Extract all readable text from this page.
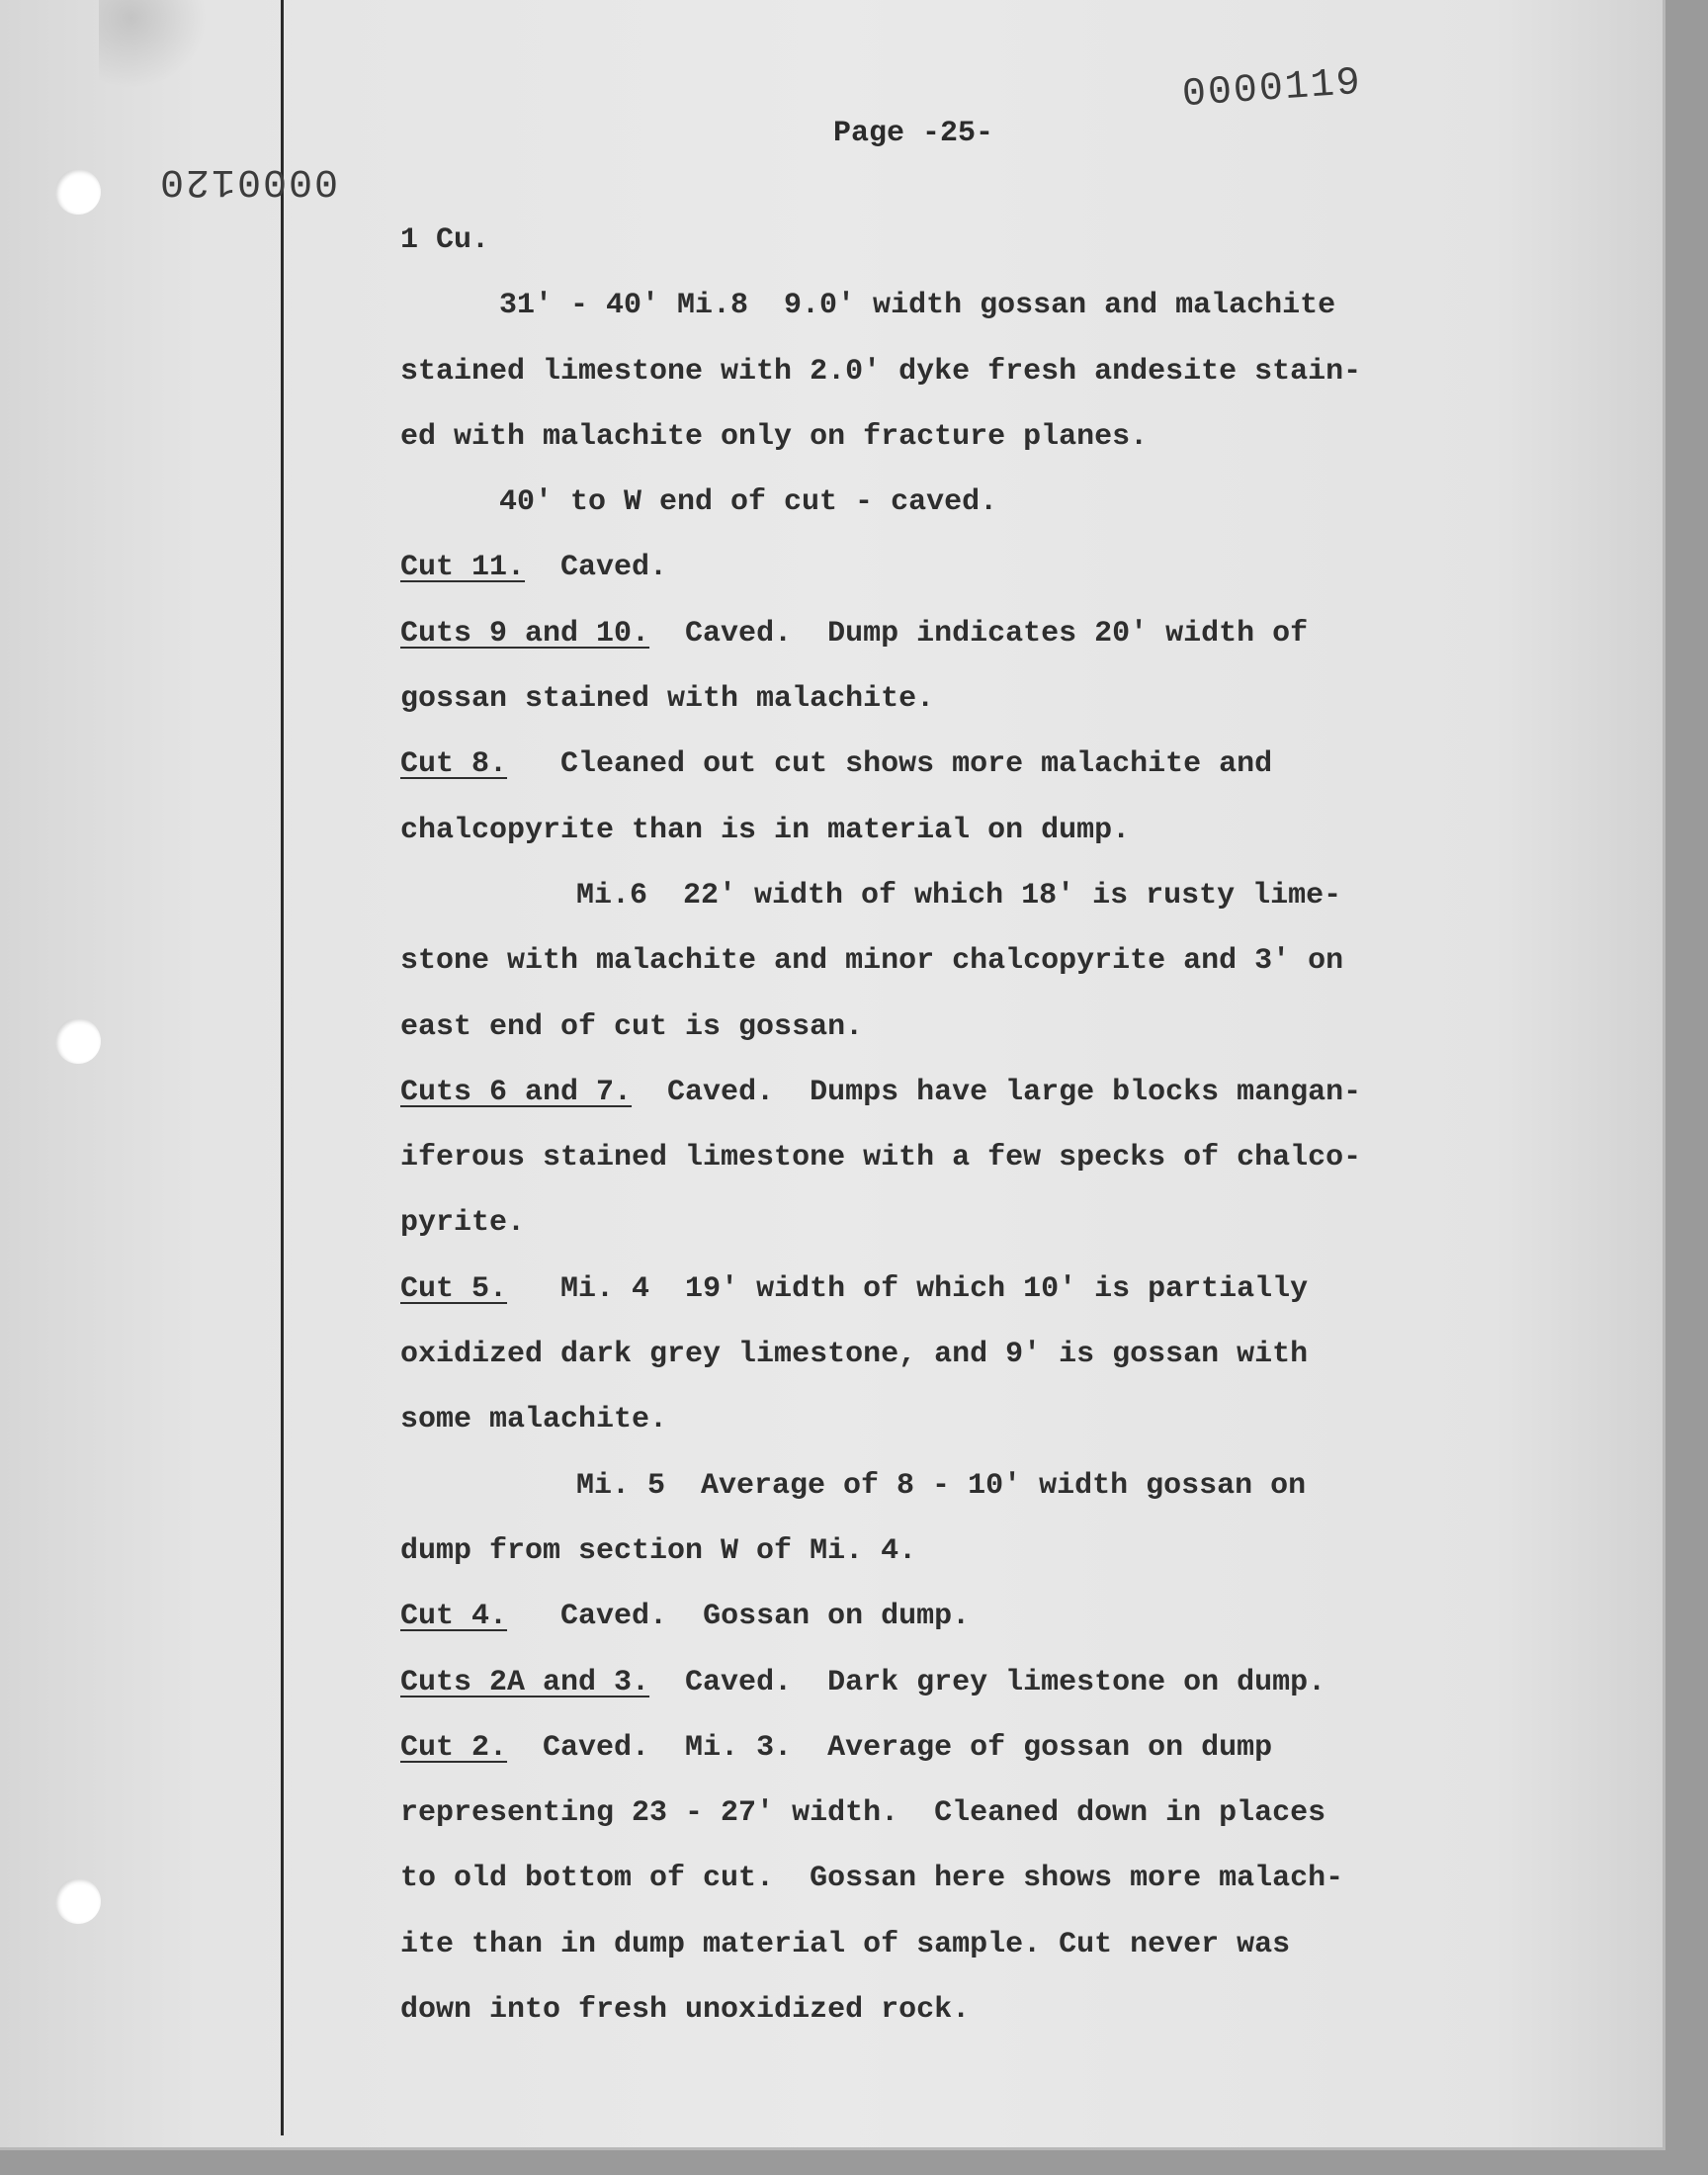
0000119
0000120
Page -25-
1 Cu.
31' - 40' Mi.8  9.0' width gossan and malachite
stained limestone with 2.0' dyke fresh andesite stain-
ed with malachite only on fracture planes.
40' to W end of cut - caved.
Cut 11.  Caved.
Cuts 9 and 10.  Caved.  Dump indicates 20' width of
gossan stained with malachite.
Cut 8.   Cleaned out cut shows more malachite and
chalcopyrite than is in material on dump.
Mi.6  22' width of which 18' is rusty lime-
stone with malachite and minor chalcopyrite and 3' on
east end of cut is gossan.
Cuts 6 and 7.  Caved.  Dumps have large blocks mangan-
iferous stained limestone with a few specks of chalco-
pyrite.
Cut 5.   Mi. 4  19' width of which 10' is partially
oxidized dark grey limestone, and 9' is gossan with
some malachite.
Mi. 5  Average of 8 - 10' width gossan on
dump from section W of Mi. 4.
Cut 4.   Caved.  Gossan on dump.
Cuts 2A and 3.  Caved.  Dark grey limestone on dump.
Cut 2.  Caved.  Mi. 3.  Average of gossan on dump
representing 23 - 27' width.  Cleaned down in places
to old bottom of cut.  Gossan here shows more malach-
ite than in dump material of sample. Cut never was
down into fresh unoxidized rock.
